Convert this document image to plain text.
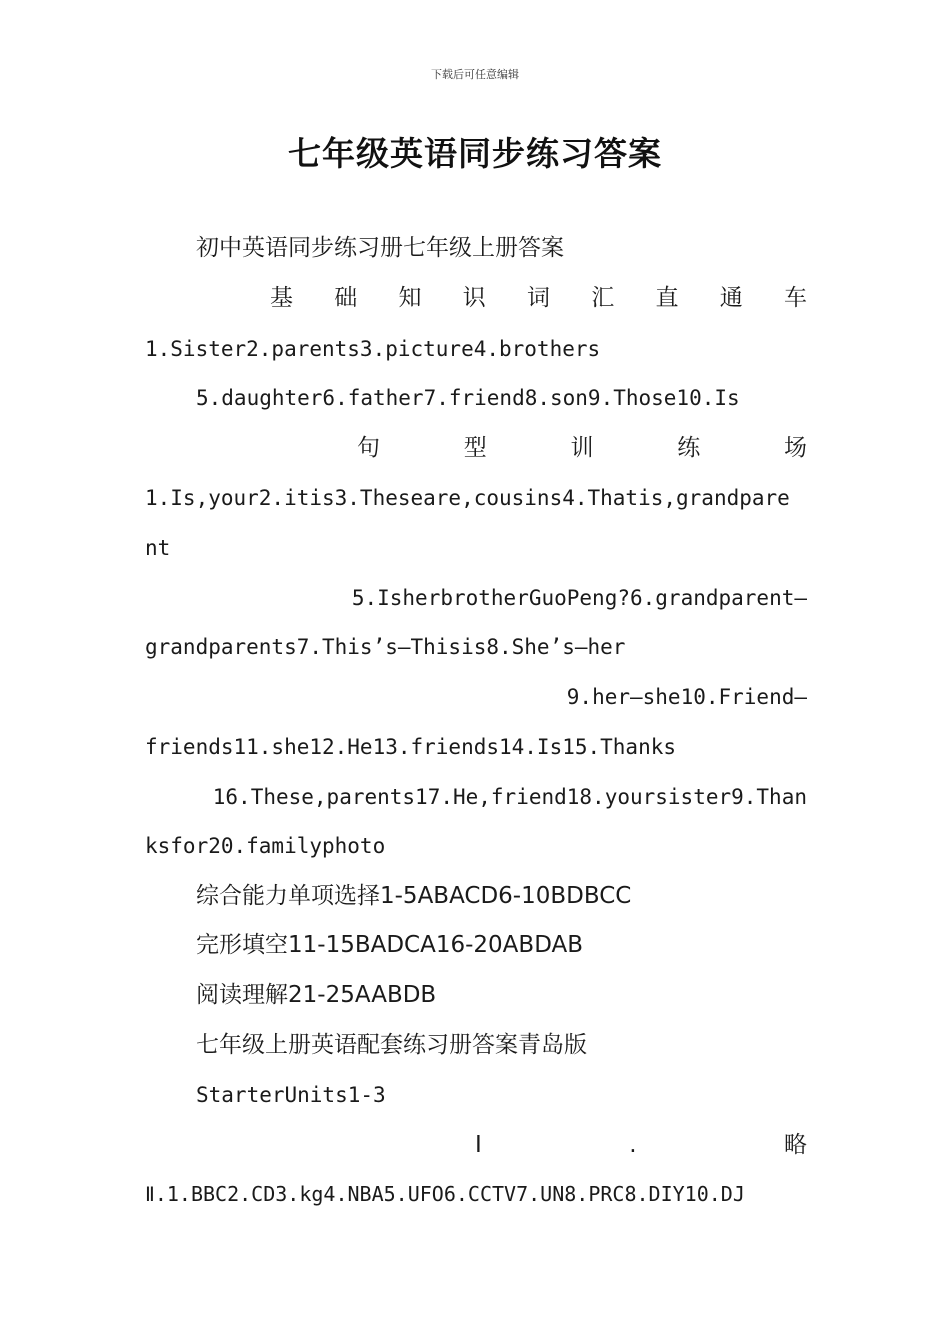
下载后可任意编辑
七年级英语同步练习答案
初中英语同步练习册七年级上册答案
基 础 知 识 词 汇 直 通 车
1.Sister2.parents3.picture4.brothers
5.daughter6.father7.friend8.son9.Those10.Is
句	型	训	练	场
1.Is,your2.itis3.Theseare,cousins4.Thatis,grandpare
nt
5.IsherbrotherGuoPeng?6.grandparent—
grandparents7.This’s—Thisis8.She’s—her
9.her—she10.Friend—
friends11.she12.He13.friends14.Is15.Thanks
16.These,parents17.He,friend18.yoursister9.Than
ksfor20.familyphoto
综合能力单项选择1-5ABACD6-10BDBCC
完形填空11-15BADCA16-20ABDAB
阅读理解21-25AABDB
七年级上册英语配套练习册答案青岛版
StarterUnits1-3
Ⅰ	.	略
Ⅱ.1.BBC2.CD3.kg4.NBA5.UFO6.CCTV7.UN8.PRC8.DIY10.DJ
